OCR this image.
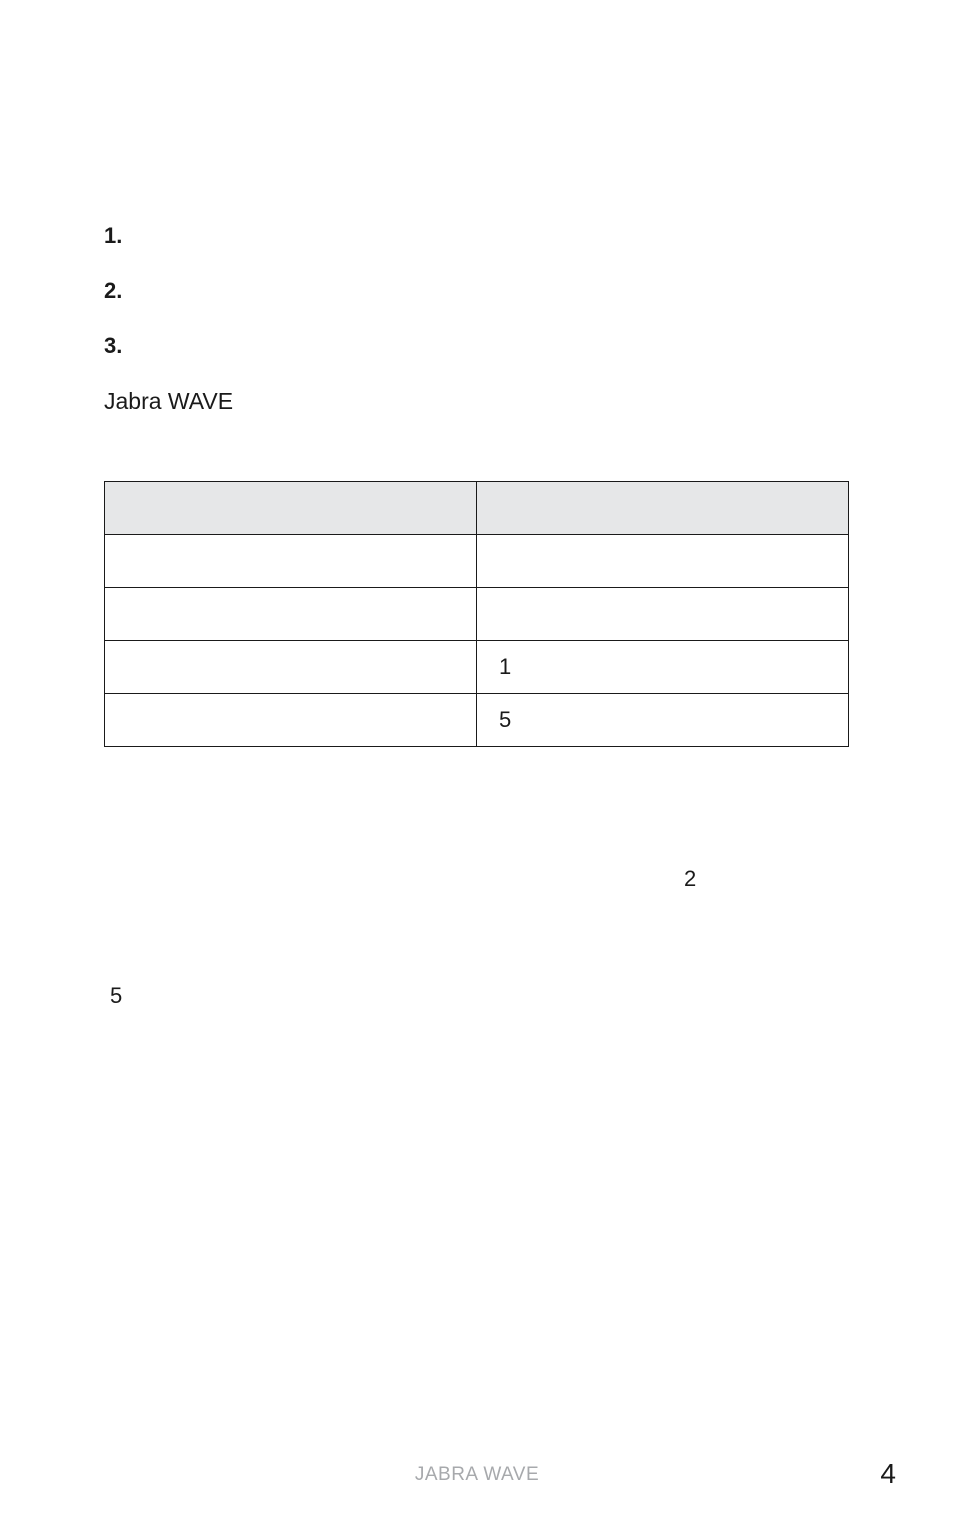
1.
2.
3.
Jabra WAVE

	1
	5
2
5
JABRA WAVE	4
